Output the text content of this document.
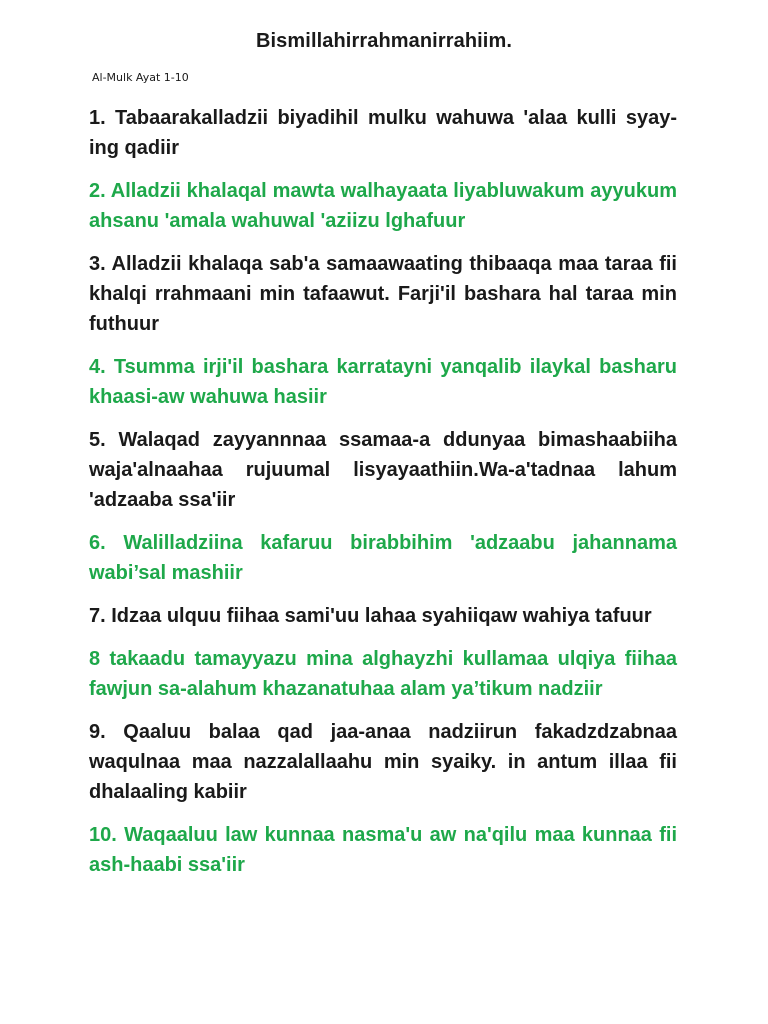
Bismillahirrahmanirrahiim.
Al-Mulk Ayat 1-10

1. Tabaarakalladzii biyadihil mulku wahuwa 'alaa kulli syay-ing qadiir

2. Alladzii khalaqal mawta walhayaata liyabluwakum ayyukum ahsanu 'amala wahuwal 'aziizu lghafuur

3. Alladzii khalaqa sab'a samaawaating thibaaqa maa taraa fii khalqi rrahmaani min tafaawut. Farji'il bashara hal taraa min futhuur

4. Tsumma irji'il bashara karratayni yanqalib ilaykal basharu khaasi-aw wahuwa hasiir

5. Walaqad zayyannnaa ssamaa-a ddunyaa bimashaabiiha waja'alnaahaa rujuumal lisyayaathiin.Wa-a'tadnaa lahum 'adzaaba ssa'iir

6. Walilladziina kafaruu birabbihim 'adzaabu jahannama wabi’sal mashiir

7. Idzaa ulquu fiihaa sami'uu lahaa syahiiqaw wahiya tafuur

8 takaadu tamayyazu mina alghayzhi kullamaa ulqiya fiihaa fawjun sa-alahum khazanatuhaa alam ya’tikum nadziir

9. Qaaluu balaa qad jaa-anaa nadziirun fakadzdzabnaa waqulnaa maa nazzalallaahu min syaiky. in antum illaa fii dhalaaling kabiir

10. Waqaaluu law kunnaa nasma'u aw na'qilu maa kunnaa fii ash-haabi ssa'iir
